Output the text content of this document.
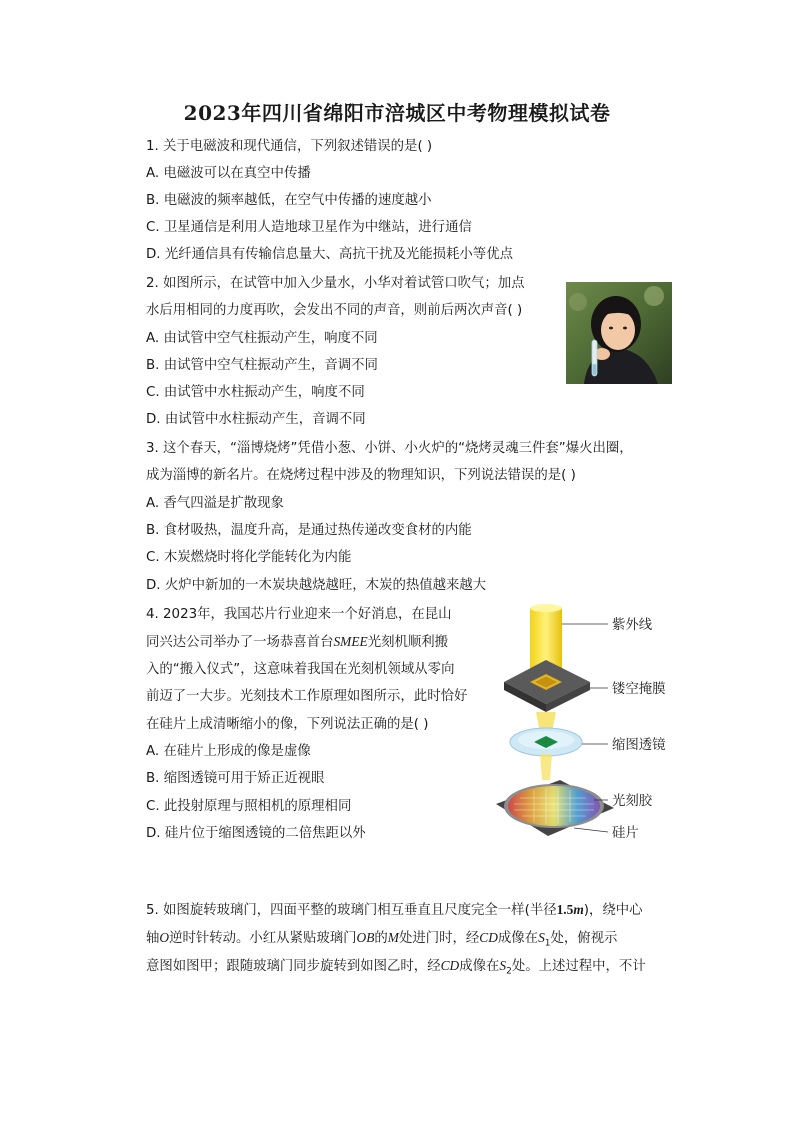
2023年四川省绵阳市涪城区中考物理模拟试卷
1. 关于电磁波和现代通信，下列叙述错误的是( )
A. 电磁波可以在真空中传播
B. 电磁波的频率越低，在空气中传播的速度越小
C. 卫星通信是利用人造地球卫星作为中继站，进行通信
D. 光纤通信具有传输信息量大、高抗干扰及光能损耗小等优点
2. 如图所示，在试管中加入少量水，小华对着试管口吹气；加点
水后用相同的力度再吹，会发出不同的声音，则前后两次声音( )
A. 由试管中空气柱振动产生，响度不同
B. 由试管中空气柱振动产生，音调不同
C. 由试管中水柱振动产生，响度不同
D. 由试管中水柱振动产生，音调不同
3. 这个春天，“淄博烧烤”凭借小葱、小饼、小火炉的“烧烤灵魂三件套”爆火出圈，
成为淄博的新名片。在烧烤过程中涉及的物理知识，下列说法错误的是( )
A. 香气四溢是扩散现象
B. 食材吸热，温度升高，是通过热传递改变食材的内能
C. 木炭燃烧时将化学能转化为内能
D. 火炉中新加的一木炭块越烧越旺，木炭的热值越来越大
4. 2023年，我国芯片行业迎来一个好消息，在昆山
同兴达公司举办了一场恭喜首台SMEE光刻机顺利搬
入的“搬入仪式”，这意味着我国在光刻机领域从零向
前迈了一大步。光刻技术工作原理如图所示，此时恰好
在硅片上成清晰缩小的像，下列说法正确的是( )
A. 在硅片上形成的像是虚像
B. 缩图透镜可用于矫正近视眼
C. 此投射原理与照相机的原理相同
D. 硅片位于缩图透镜的二倍焦距以外
紫外线
镂空掩膜
缩图透镜
光刻胶
硅片
5. 如图旋转玻璃门，四面平整的玻璃门相互垂直且尺度完全一样(半径1.5m)，绕中心
轴O逆时针转动。小红从紧贴玻璃门OB的M处进门时，经CD成像在$S_1$处，俯视示
意图如图甲；跟随玻璃门同步旋转到如图乙时，经CD成像在$S_2$处。上述过程中，不计
